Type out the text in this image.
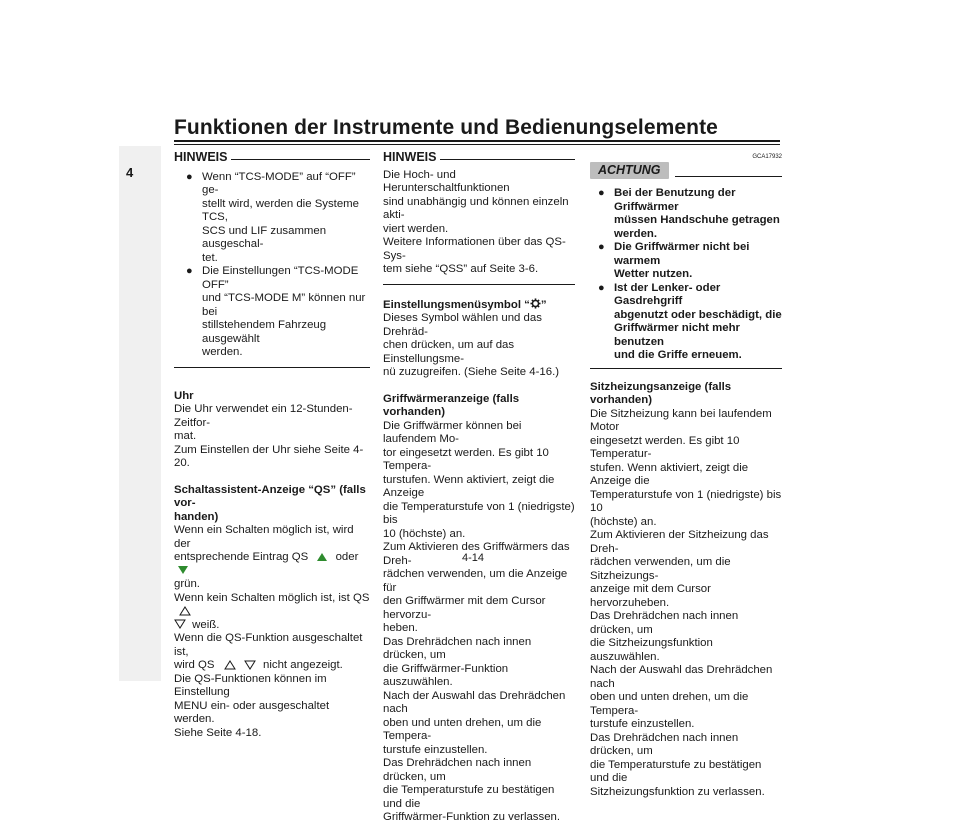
Funktionen der Instrumente und Bedienungselemente
4
HINWEIS
● Wenn “TCS-MODE” auf “OFF” ge-

stellt wird, werden die Systeme TCS,

SCS und LIF zusammen ausgeschal-

tet.

● Die Einstellungen “TCS-MODE OFF”

und “TCS-MODE M” können nur bei

stillstehendem Fahrzeug ausgewählt

werden.

Uhr

Die Uhr verwendet ein 12-Stunden-Zeitfor-

mat.

Zum Einstellen der Uhr siehe Seite 4-20.

Schaltassistent-Anzeige “QS” (falls vor-

handen)

Wenn ein Schalten möglich ist, wird der

entsprechende Eintrag QS oder

grün.

Wenn kein Schalten möglich ist, ist QS

weiß.

Wenn die QS-Funktion ausgeschaltet ist,

wird QS	nicht angezeigt.

Die QS-Funktionen können im Einstellung

MENU ein- oder ausgeschaltet werden.

Siehe Seite 4-18.

HINWEIS

Die Hoch- und Herunterschaltfunktionen

sind unabhängig und können einzeln akti-

viert werden.

Weitere Informationen über das QS-Sys-

tem siehe “QSS” auf Seite 3-6.

Einstellungsmenüsymbol “ ”

Dieses Symbol wählen und das Drehräd-

chen drücken, um auf das Einstellungsme-

nü zuzugreifen. (Siehe Seite 4-16.)

Griffwärmeranzeige (falls vorhanden)

Die Griffwärmer können bei laufendem Mo-

tor eingesetzt werden. Es gibt 10 Tempera-

turstufen. Wenn aktiviert, zeigt die Anzeige

die Temperaturstufe von 1 (niedrigste) bis

10 (höchste) an.

Zum Aktivieren des Griffwärmers das Dreh-

rädchen verwenden, um die Anzeige für

den Griffwärmer mit dem Cursor hervorzu-

heben.

Das Drehrädchen nach innen drücken, um

die Griffwärmer-Funktion auszuwählen.

Nach der Auswahl das Drehrädchen nach

oben und unten drehen, um die Tempera-

turstufe einzustellen.

Das Drehrädchen nach innen drücken, um

die Temperaturstufe zu bestätigen und die

Griffwärmer-Funktion zu verlassen.

GCA17932
ACHTUNG
● Bei der Benutzung der Griffwärmer

müssen Handschuhe getragen

werden.

● Die Griffwärmer nicht bei warmem

Wetter nutzen.

● Ist der Lenker- oder Gasdrehgriff

abgenutzt oder beschädigt, die

Griffwärmer nicht mehr benutzen

und die Griffe erneuem.

Sitzheizungsanzeige (falls vorhanden)

Die Sitzheizung kann bei laufendem Motor

eingesetzt werden. Es gibt 10 Temperatur-

stufen. Wenn aktiviert, zeigt die Anzeige die

Temperaturstufe von 1 (niedrigste) bis 10

(höchste) an.

Zum Aktivieren der Sitzheizung das Dreh-

rädchen verwenden, um die Sitzheizungs-

anzeige mit dem Cursor hervorzuheben.

Das Drehrädchen nach innen drücken, um

die Sitzheizungsfunktion auszuwählen.

Nach der Auswahl das Drehrädchen nach

oben und unten drehen, um die Tempera-

turstufe einzustellen.

Das Drehrädchen nach innen drücken, um

die Temperaturstufe zu bestätigen und die

Sitzheizungsfunktion zu verlassen.

4-14
